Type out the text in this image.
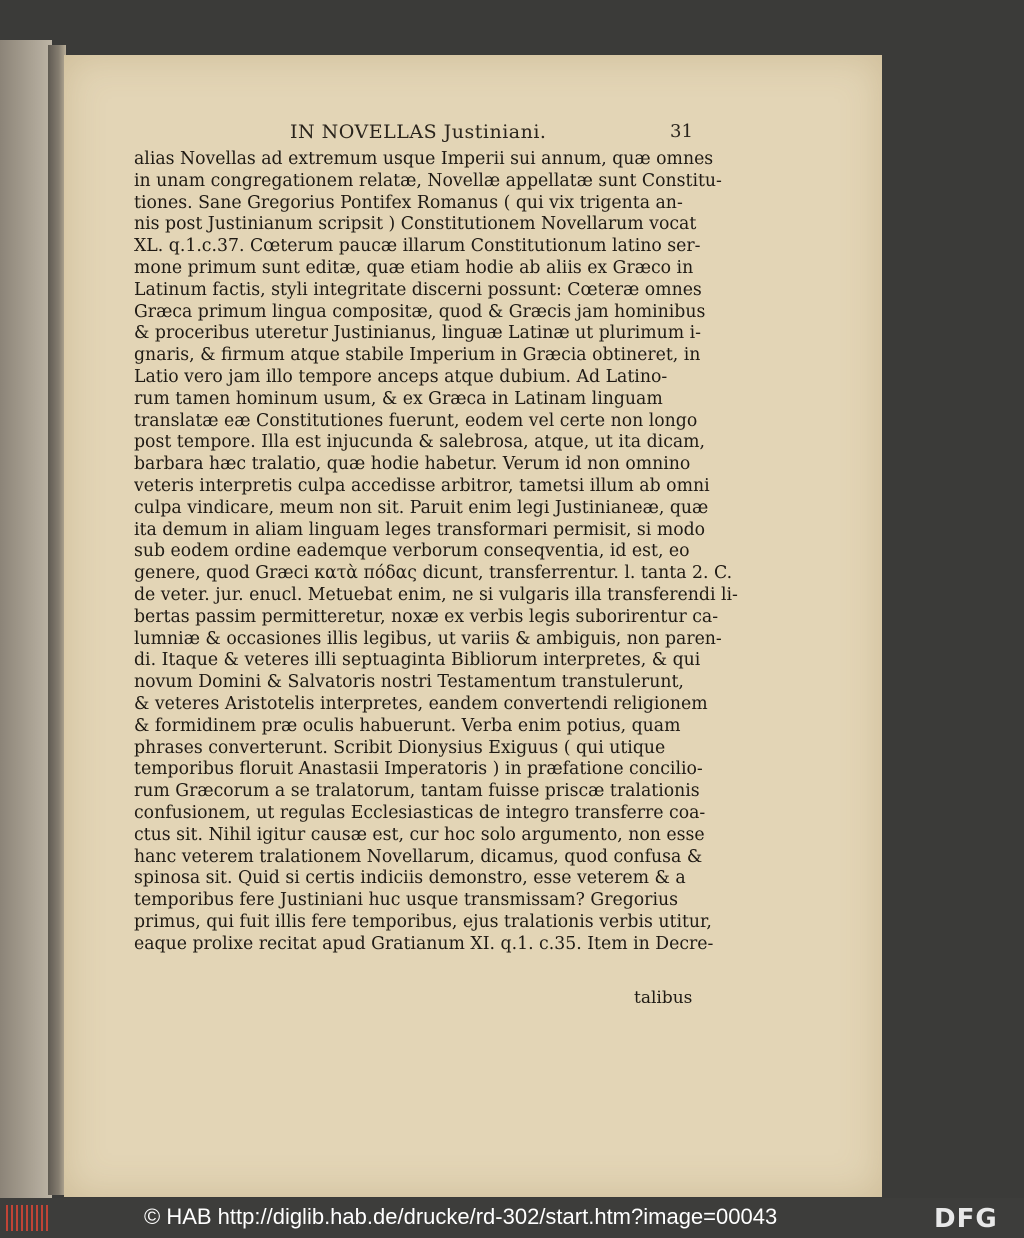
IN NOVELLAS Justiniani.	31
alias Novellas ad extremum usque Imperii sui annum, quæ omnes
in unam congregationem relatæ, Novellæ appellatæ sunt Constitu-
tiones. Sane Gregorius Pontifex Romanus ( qui vix trigenta an-
nis post Justinianum scripsit ) Constitutionem Novellarum vocat
XL. q.1.c.37. Cœterum paucæ illarum Constitutionum latino ser-
mone primum sunt editæ, quæ etiam hodie ab aliis ex Græco in
Latinum factis, styli integritate discerni possunt: Cœteræ omnes
Græca primum lingua compositæ, quod & Græcis jam hominibus
& proceribus uteretur Justinianus, linguæ Latinæ ut plurimum i-
gnaris, & firmum atque stabile Imperium in Græcia obtineret, in
Latio vero jam illo tempore anceps atque dubium. Ad Latino-
rum tamen hominum usum, & ex Græca in Latinam linguam
translatæ eæ Constitutiones fuerunt, eodem vel certe non longo
post tempore. Illa est injucunda & salebrosa, atque, ut ita dicam,
barbara hæc tralatio, quæ hodie habetur. Verum id non omnino
veteris interpretis culpa accedisse arbitror, tametsi illum ab omni
culpa vindicare, meum non sit. Paruit enim legi Justinianeæ, quæ
ita demum in aliam linguam leges transformari permisit, si modo
sub eodem ordine eademque verborum conseqventia, id est, eo
genere, quod Græci κατὰ πόδας dicunt, transferrentur. l. tanta 2. C.
de veter. jur. enucl. Metuebat enim, ne si vulgaris illa transferendi li-
bertas passim permitteretur, noxæ ex verbis legis suborirentur ca-
lumniæ & occasiones illis legibus, ut variis & ambiguis, non paren-
di. Itaque & veteres illi septuaginta Bibliorum interpretes, & qui
novum Domini & Salvatoris nostri Testamentum transtulerunt,
& veteres Aristotelis interpretes, eandem convertendi religionem
& formidinem præ oculis habuerunt. Verba enim potius, quam
phrases converterunt. Scribit Dionysius Exiguus ( qui utique
temporibus floruit Anastasii Imperatoris ) in præfatione concilio-
rum Græcorum a se tralatorum, tantam fuisse priscæ tralationis
confusionem, ut regulas Ecclesiasticas de integro transferre coa-
ctus sit. Nihil igitur causæ est, cur hoc solo argumento, non esse
hanc veterem tralationem Novellarum, dicamus, quod confusa &
spinosa sit. Quid si certis indiciis demonstro, esse veterem & a
temporibus fere Justiniani huc usque transmissam? Gregorius
primus, qui fuit illis fere temporibus, ejus tralationis verbis utitur,
eaque prolixe recitat apud Gratianum XI. q.1. c.35. Item in Decre-
talibus
© HAB http://diglib.hab.de/drucke/rd-302/start.htm?image=00043	DFG
